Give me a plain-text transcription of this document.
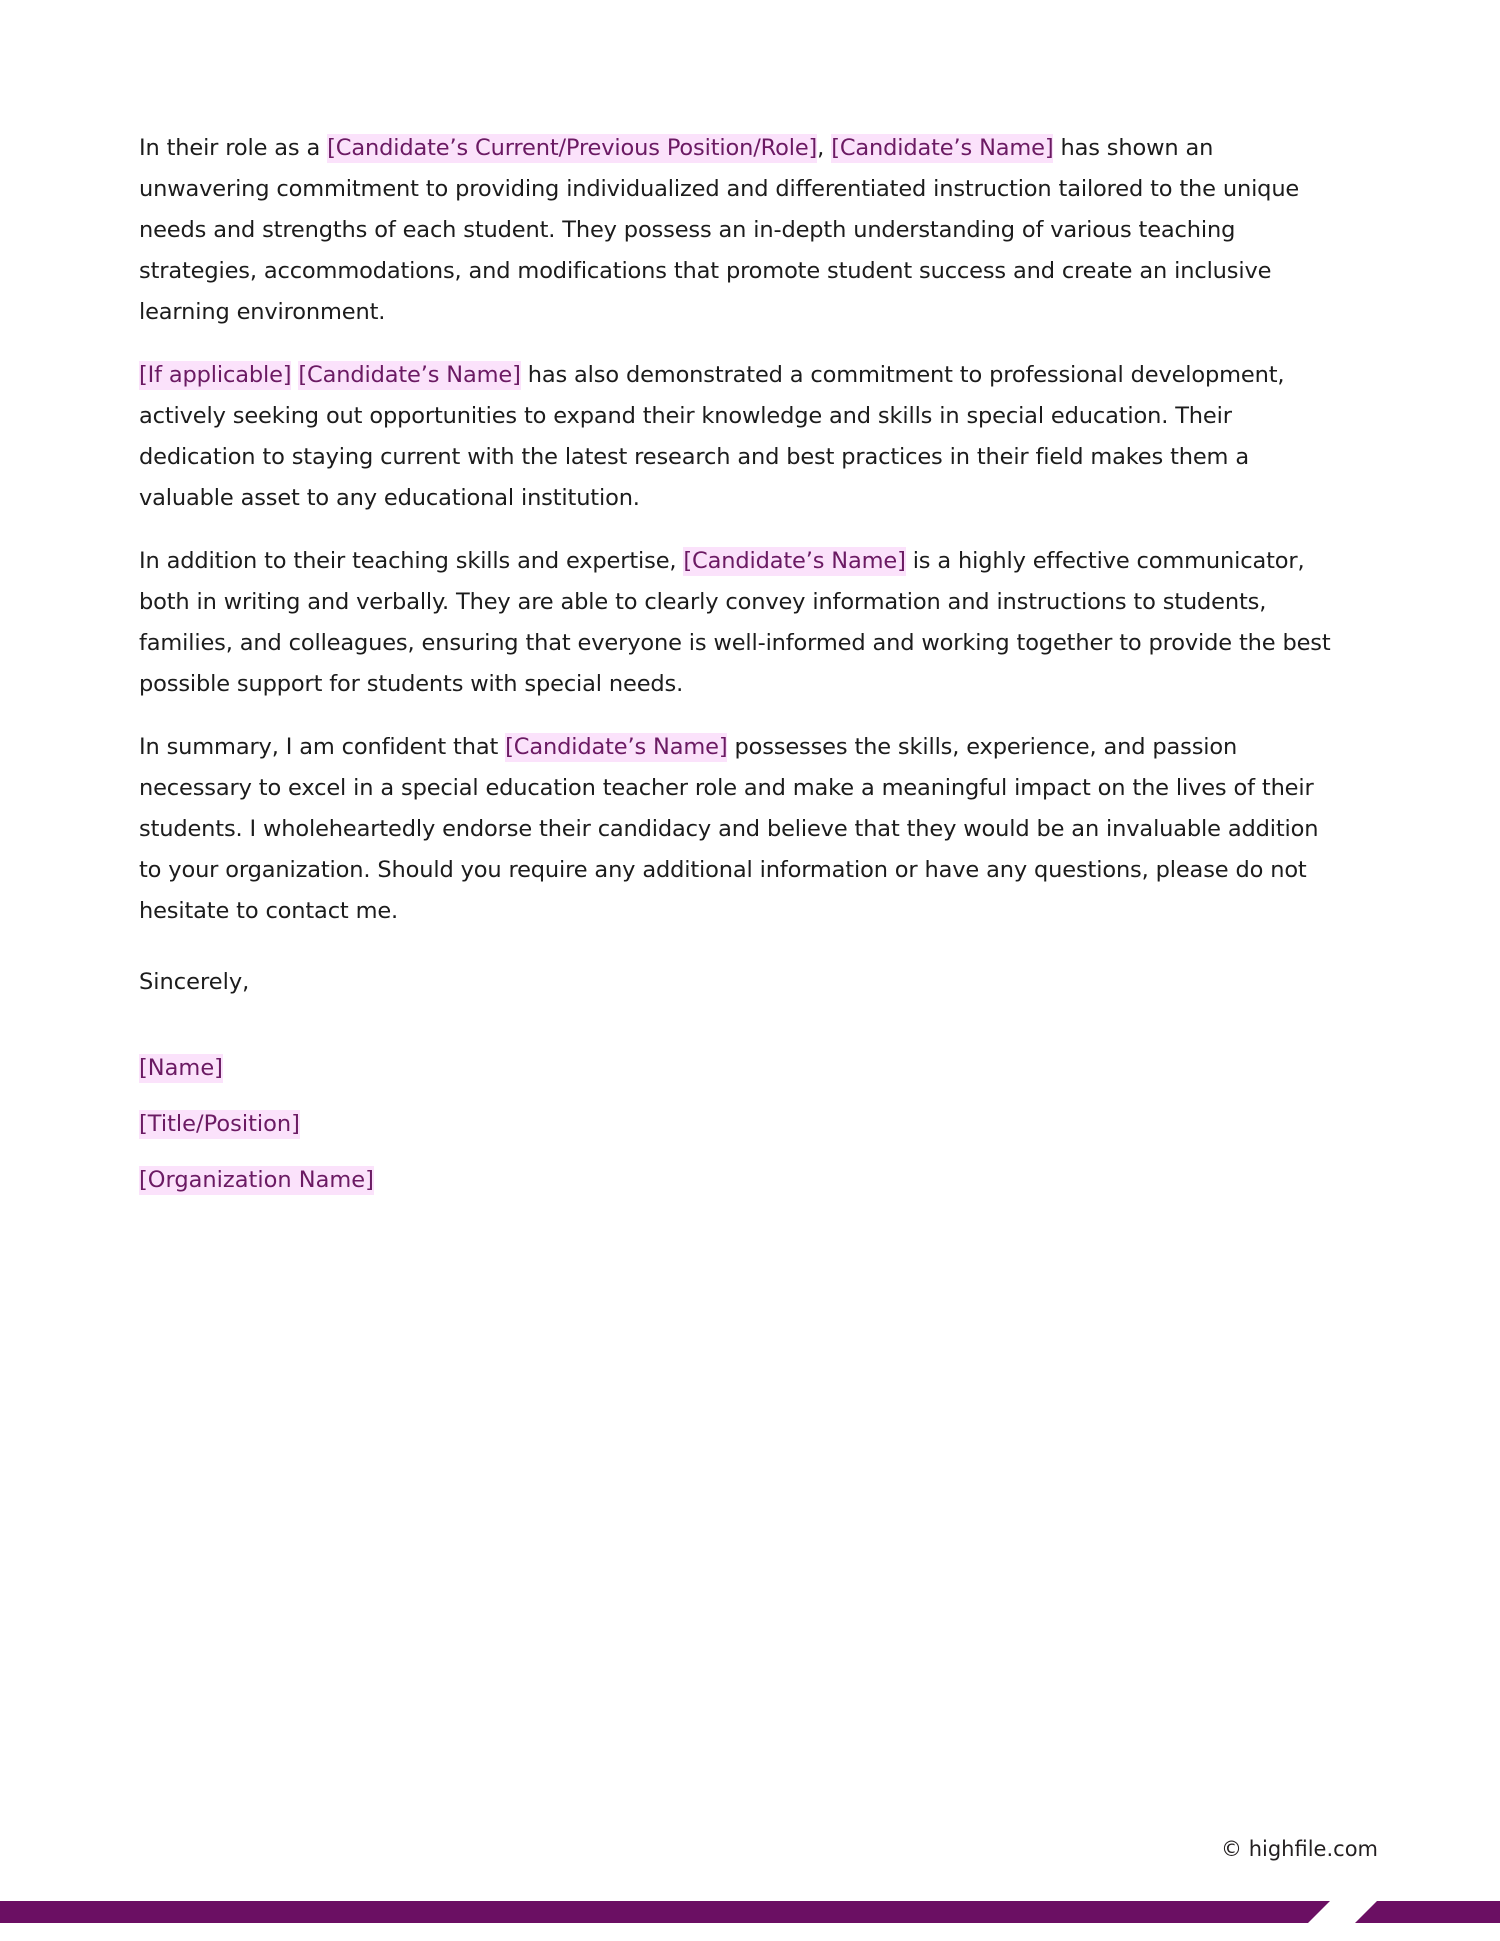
In their role as a [Candidate’s Current/Previous Position/Role], [Candidate’s Name] has shown an unwavering commitment to providing individualized and differentiated instruction tailored to the unique needs and strengths of each student. They possess an in-depth understanding of various teaching strategies, accommodations, and modifications that promote student success and create an inclusive learning environment.

[If applicable] [Candidate’s Name] has also demonstrated a commitment to professional development, actively seeking out opportunities to expand their knowledge and skills in special education. Their dedication to staying current with the latest research and best practices in their field makes them a valuable asset to any educational institution.

In addition to their teaching skills and expertise, [Candidate’s Name] is a highly effective communicator, both in writing and verbally. They are able to clearly convey information and instructions to students, families, and colleagues, ensuring that everyone is well-informed and working together to provide the best possible support for students with special needs.

In summary, I am confident that [Candidate’s Name] possesses the skills, experience, and passion necessary to excel in a special education teacher role and make a meaningful impact on the lives of their students. I wholeheartedly endorse their candidacy and believe that they would be an invaluable addition to your organization. Should you require any additional information or have any questions, please do not hesitate to contact me.

Sincerely,

[Name]

[Title/Position]

[Organization Name]

© highfile.com
